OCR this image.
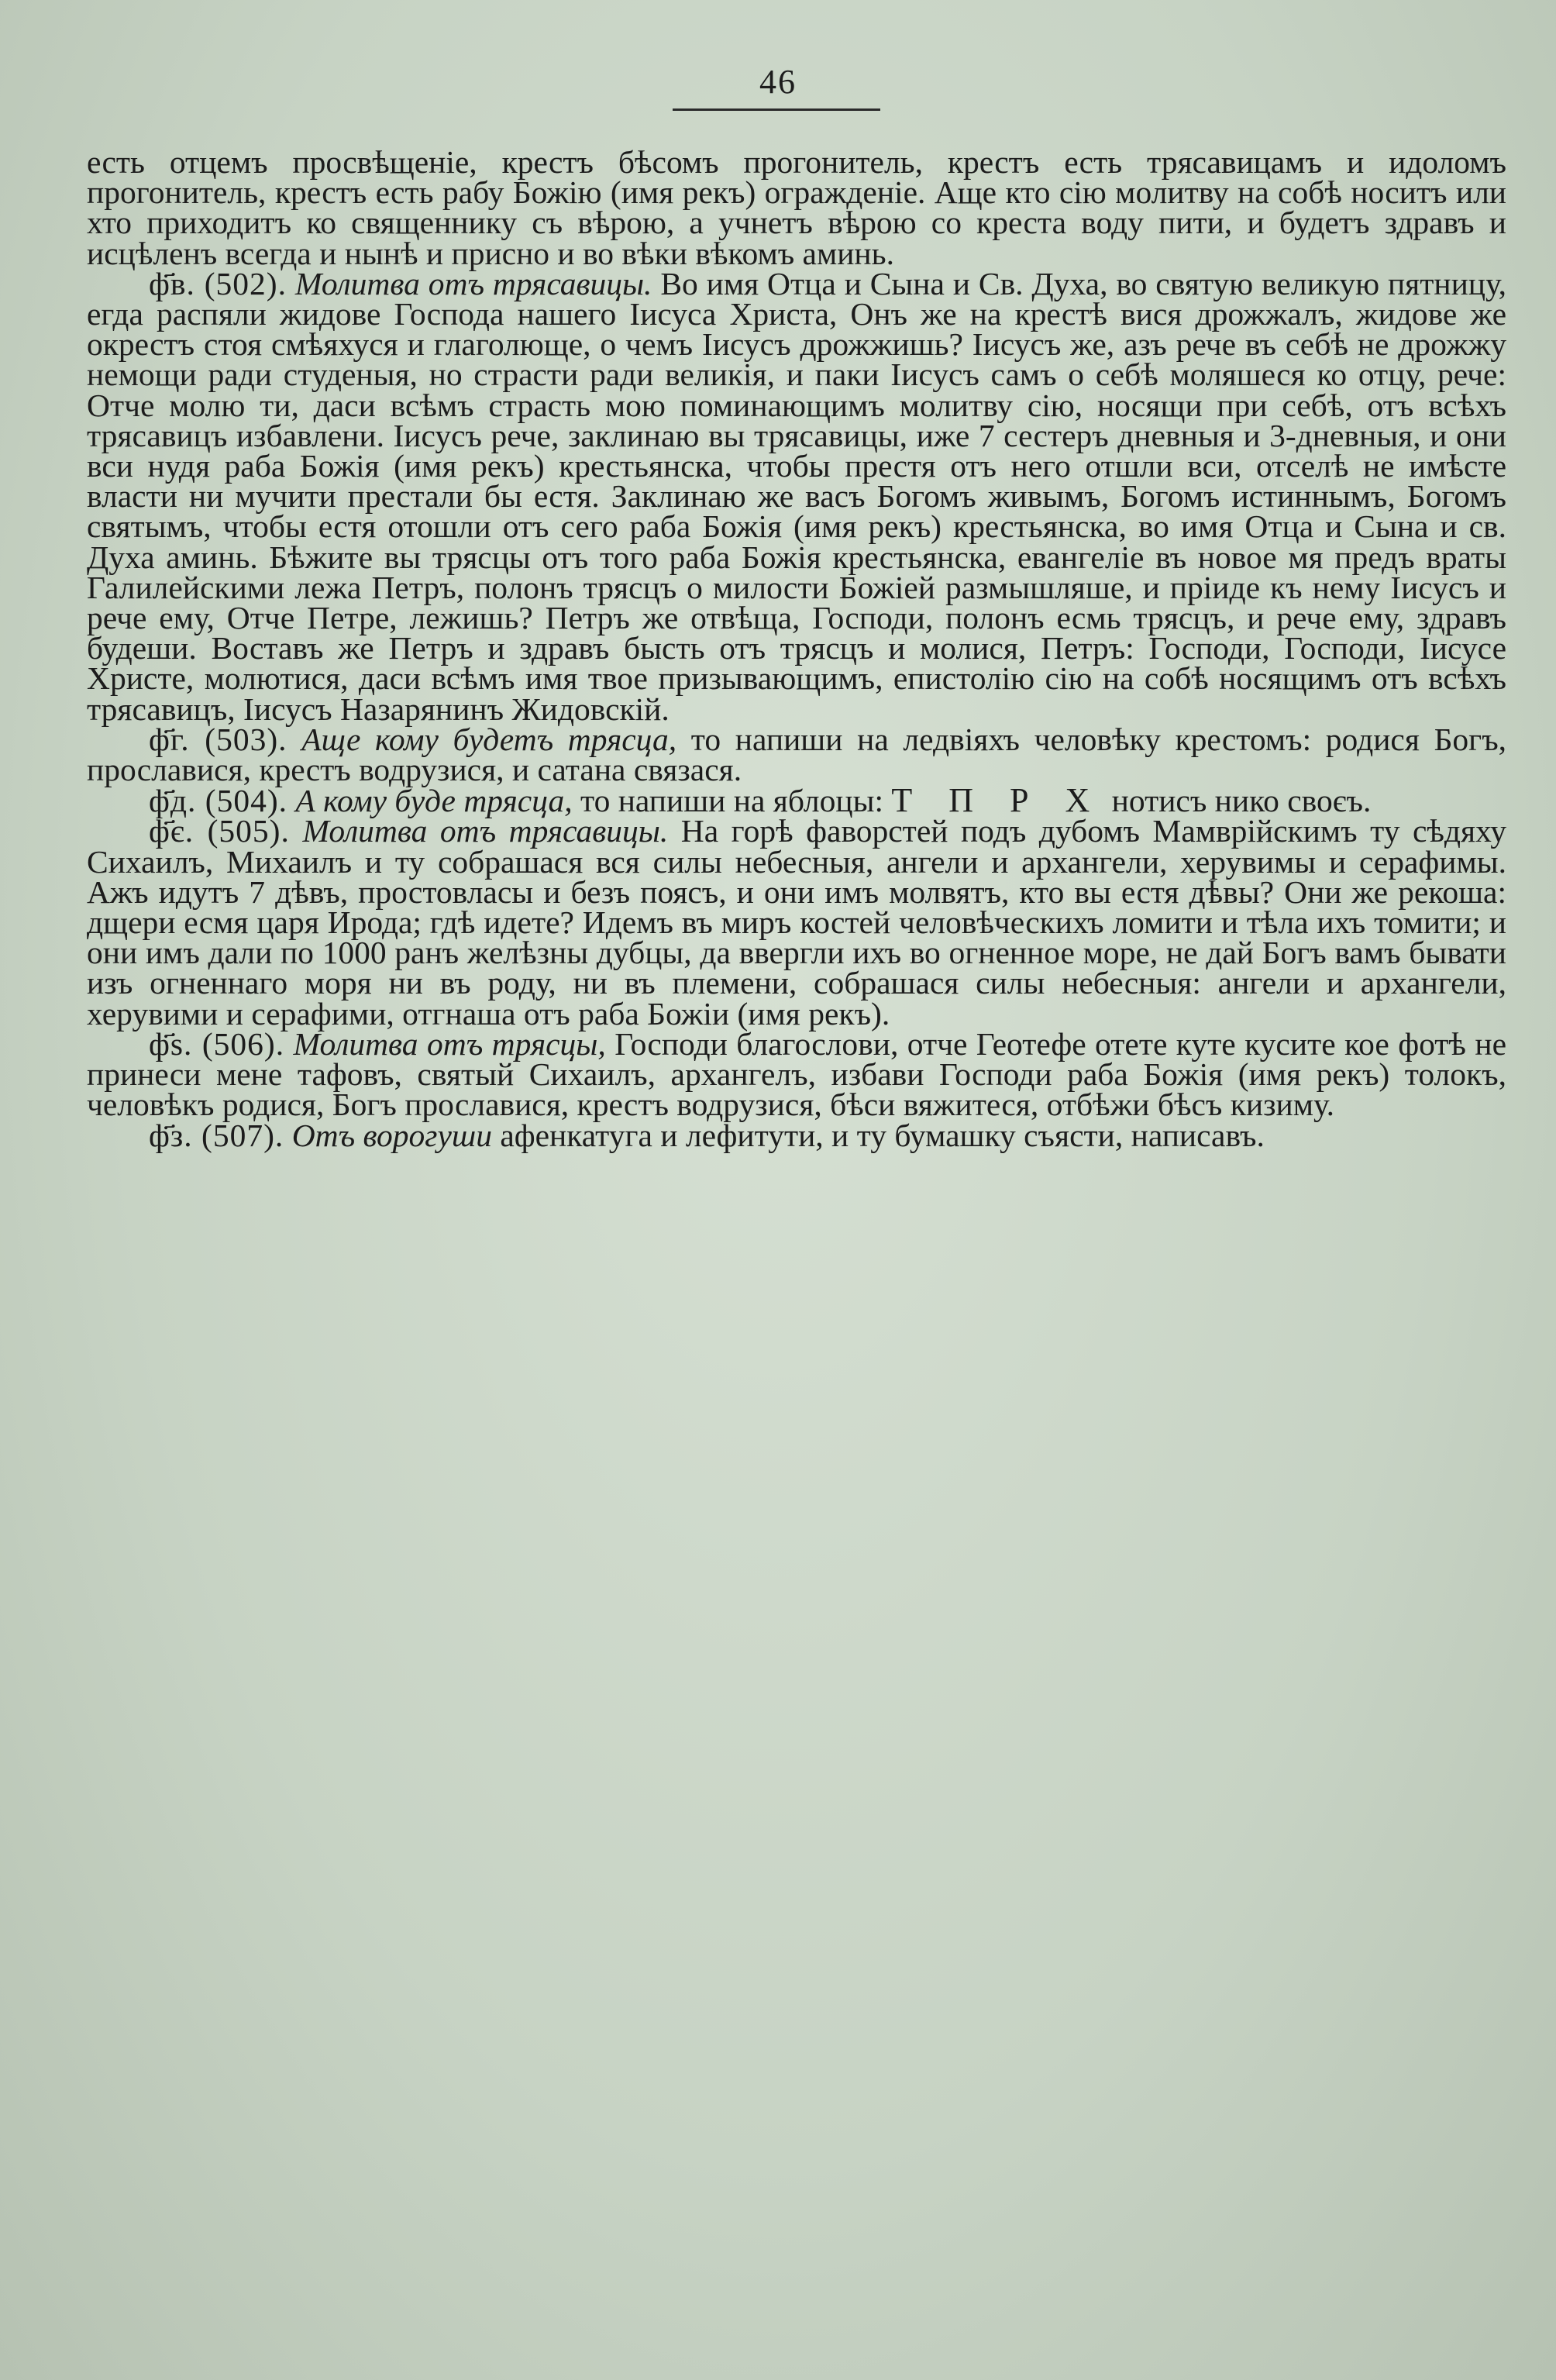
46

есть отцемъ просвѣщеніе, крестъ бѣсомъ прогонитель, крестъ есть трясавицамъ и идоломъ прогонитель, крестъ есть рабу Божію (имя рекъ) огражденіе. Аще кто сію молитву на собѣ носитъ или хто приходитъ ко священнику съ вѣрою, а учнетъ вѣрою со креста воду пити, и будетъ здравъ и исцѣленъ всегда и нынѣ и присно и во вѣки вѣкомъ аминь.

ф҃в. (502). Молитва отъ трясавицы. Во имя Отца и Сына и Св. Духа, во святую великую пятницу, егда распяли жидове Господа нашего Іисуса Христа, Онъ же на крестѣ вися дрожжалъ, жидове же окрестъ стоя смѣяхуся и глаголюще, о чемъ Іисусъ дрожжишь? Іисусъ же, азъ рече въ себѣ не дрожжу немощи ради студеныя, но страсти ради великія, и паки Іисусъ самъ о себѣ моляшеся ко отцу, рече: Отче молю ти, даси всѣмъ страсть мою поминающимъ молитву сію, носящи при себѣ, отъ всѣхъ трясавицъ избавлени. Іисусъ рече, заклинаю вы трясавицы, иже 7 сестеръ дневныя и 3-дневныя, и они вси нудя раба Божія (имя рекъ) крестьянска, чтобы престя отъ него отшли вси, отселѣ не имѣсте власти ни мучити престали бы естя. Заклинаю же васъ Богомъ живымъ, Богомъ истиннымъ, Богомъ святымъ, чтобы естя отошли отъ сего раба Божія (имя рекъ) крестьянска, во имя Отца и Сына и св. Духа аминь. Бѣжите вы трясцы отъ того раба Божія крестьянска, евангеліе въ новое мя предъ враты Галилейскими лежа Петръ, полонъ трясцъ о милости Божіей размышляше, и пріиде къ нему Іисусъ и рече ему, Отче Петре, лежишь? Петръ же отвѣща, Господи, полонъ есмь трясцъ, и рече ему, здравъ будеши. Воставъ же Петръ и здравъ бысть отъ трясцъ и молися, Петръ: Господи, Господи, Іисусе Христе, молютися, даси всѣмъ имя твое призывающимъ, епистолію сію на собѣ носящимъ отъ всѣхъ трясавицъ, Іисусъ Назарянинъ Жидовскій.

ф҃г. (503). Аще кому будетъ трясца, то напиши на ледвіяхъ человѣку крестомъ: родися Богъ, прославися, крестъ водрузися, и сатана связася.

ф҃д. (504). А кому буде трясца, то напиши на яблоцы: Т П Р Х нотисъ нико своєъ.

ф҃є. (505). Молитва отъ трясавицы. На горѣ фаворстей подъ дубомъ Мамврійскимъ ту сѣдяху Сихаилъ, Михаилъ и ту собрашася вся силы небесныя, ангели и архангели, херувимы и серафимы. Ажъ идутъ 7 дѣвъ, простовласы и безъ поясъ, и они имъ молвятъ, кто вы естя дѣвы? Они же рекоша: дщери есмя царя Ирода; гдѣ идете? Идемъ въ миръ костей человѣческихъ ломити и тѣла ихъ томити; и они имъ дали по 1000 ранъ желѣзны дубцы, да ввергли ихъ во огненное море, не дай Богъ вамъ бывати изъ огненнаго моря ни въ роду, ни въ племени, собрашася силы небесныя: ангели и архангели, херувими и серафими, отгнаша отъ раба Божіи (имя рекъ).

ф҃ѕ. (506). Молитва отъ трясцы, Господи благослови, отче Геотефе отете куте кусите кое фотѣ не принеси мене тафовъ, святый Сихаилъ, архангелъ, избави Господи раба Божія (имя рекъ) толокъ, человѣкъ родися, Богъ прославися, крестъ водрузися, бѣси вяжитеся, отбѣжи бѣсъ кизиму.

ф҃з. (507). Отъ ворогуши афенкатуга и лефитути, и ту бумашку съясти, написавъ.
